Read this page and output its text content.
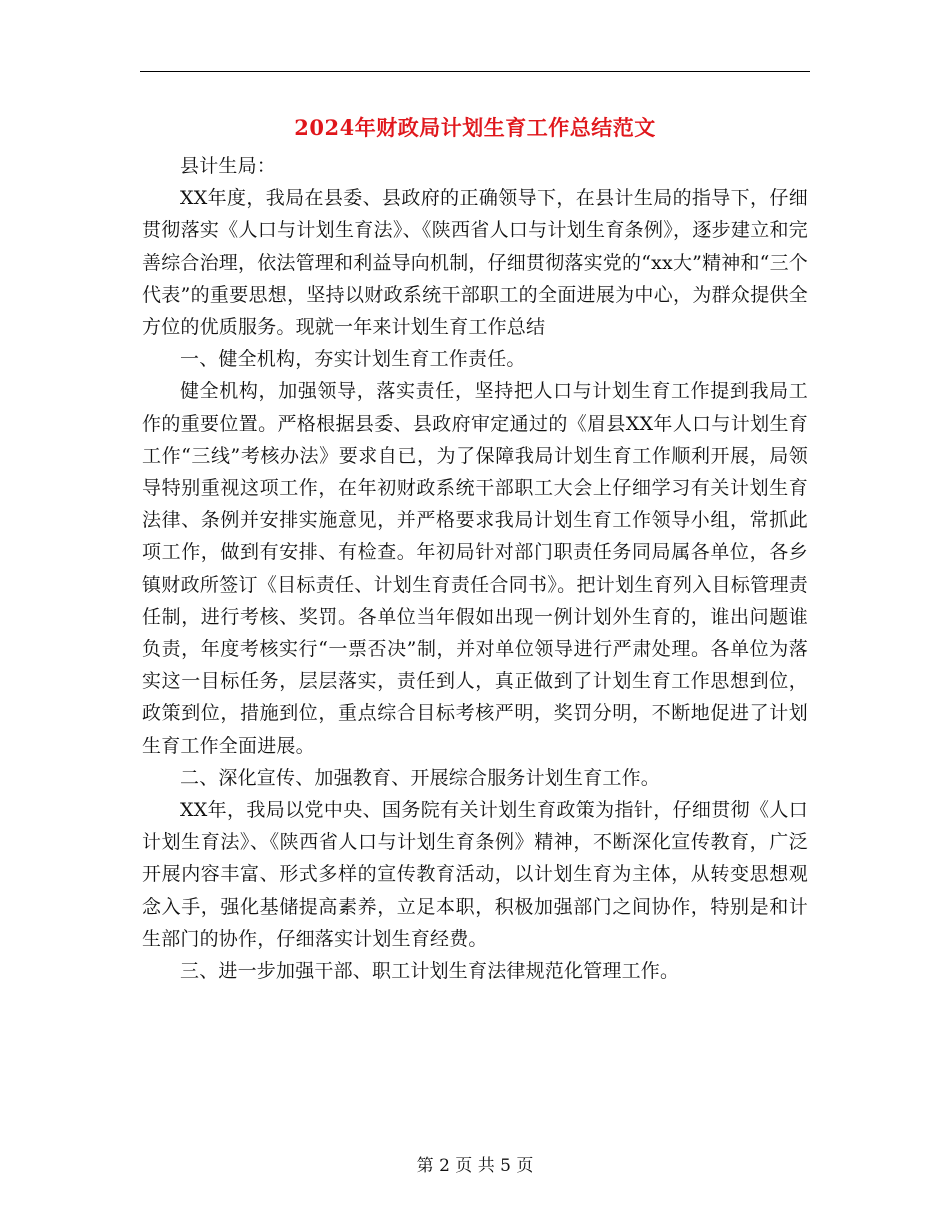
2024年财政局计划生育工作总结范文

县计生局：

XX年度，我局在县委、县政府的正确领导下，在县计生局的指导下，仔细贯彻落实《人口与计划生育法》、《陕西省人口与计划生育条例》，逐步建立和完善综合治理，依法管理和利益导向机制，仔细贯彻落实党的“xx大”精神和“三个代表”的重要思想，坚持以财政系统干部职工的全面进展为中心，为群众提供全方位的优质服务。现就一年来计划生育工作总结

一、健全机构，夯实计划生育工作责任。

健全机构，加强领导，落实责任，坚持把人口与计划生育工作提到我局工作的重要位置。严格根据县委、县政府审定通过的《眉县XX年人口与计划生育工作“三线”考核办法》要求自已，为了保障我局计划生育工作顺利开展，局领导特别重视这项工作，在年初财政系统干部职工大会上仔细学习有关计划生育法律、条例并安排实施意见，并严格要求我局计划生育工作领导小组，常抓此项工作，做到有安排、有检查。年初局针对部门职责任务同局属各单位，各乡镇财政所签订《目标责任、计划生育责任合同书》。把计划生育列入目标管理责任制，进行考核、奖罚。各单位当年假如出现一例计划外生育的，谁出问题谁负责，年度考核实行“一票否决”制，并对单位领导进行严肃处理。各单位为落实这一目标任务，层层落实，责任到人，真正做到了计划生育工作思想到位，政策到位，措施到位，重点综合目标考核严明，奖罚分明，不断地促进了计划生育工作全面进展。

二、深化宣传、加强教育、开展综合服务计划生育工作。

XX年，我局以党中央、国务院有关计划生育政策为指针，仔细贯彻《人口计划生育法》、《陕西省人口与计划生育条例》精神，不断深化宣传教育，广泛开展内容丰富、形式多样的宣传教育活动，以计划生育为主体，从转变思想观念入手，强化基储提高素养，立足本职，积极加强部门之间协作，特别是和计生部门的协作，仔细落实计划生育经费。

三、进一步加强干部、职工计划生育法律规范化管理工作。

第 2 页 共 5 页
